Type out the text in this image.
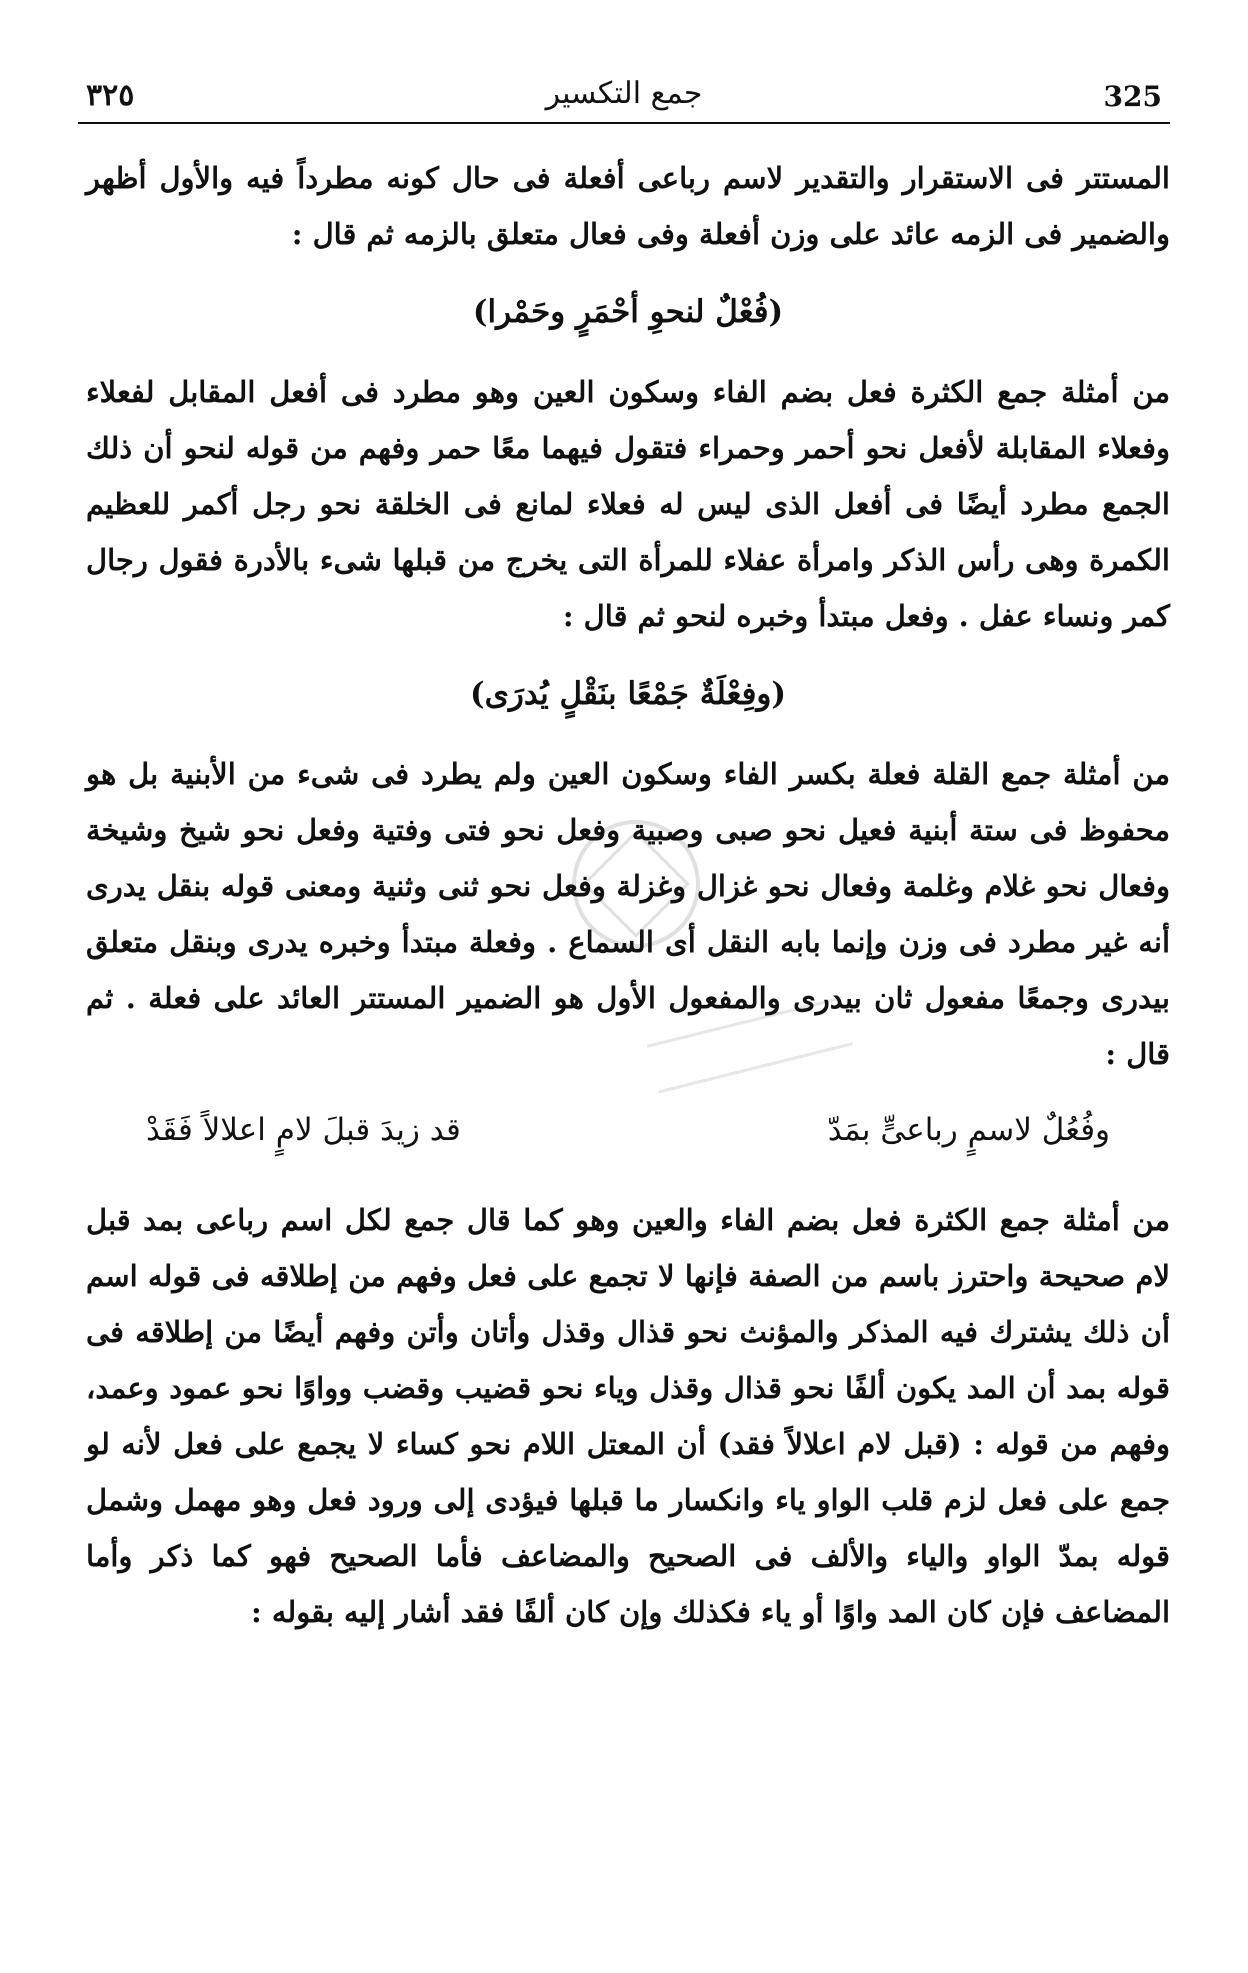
٣٢٥	جمع التكسير	325

المستتر فى الاستقرار والتقدير لاسم رباعى أفعلة فى حال كونه مطرداً فيه والأول أظهر والضمير فى الزمه عائد على وزن أفعلة وفى فعال متعلق بالزمه ثم قال :

(فُعْلٌ لنحوِ أحْمَرٍ وحَمْرا)

من أمثلة جمع الكثرة فعل بضم الفاء وسكون العين وهو مطرد فى أفعل المقابل لفعلاء وفعلاء المقابلة لأفعل نحو أحمر وحمراء فتقول فيهما معًا حمر وفهم من قوله لنحو أن ذلك الجمع مطرد أيضًا فى أفعل الذى ليس له فعلاء لمانع فى الخلقة نحو رجل أكمر للعظيم الكمرة وهى رأس الذكر وامرأة عفلاء للمرأة التى يخرج من قبلها شىء بالأدرة فقول رجال كمر ونساء عفل . وفعل مبتدأ وخبره لنحو ثم قال :

(وفِعْلَةٌ جَمْعًا بنَقْلٍ يُدرَى)

من أمثلة جمع القلة فعلة بكسر الفاء وسكون العين ولم يطرد فى شىء من الأبنية بل هو محفوظ فى ستة أبنية فعيل نحو صبى وصبية وفعل نحو فتى وفتية وفعل نحو شيخ وشيخة وفعال نحو غلام وغلمة وفعال نحو غزال وغزلة وفعل نحو ثنى وثنية ومعنى قوله بنقل يدرى أنه غير مطرد فى وزن وإنما بابه النقل أى السماع . وفعلة مبتدأ وخبره يدرى وبنقل متعلق بيدرى وجمعًا مفعول ثان بيدرى والمفعول الأول هو الضمير المستتر العائد على فعلة . ثم قال :

وفُعُلٌ لاسمٍ رباعىٍّ بمَدّ
قد زيدَ قبلَ لامٍ اعلالاً فَقَدْ

من أمثلة جمع الكثرة فعل بضم الفاء والعين وهو كما قال جمع لكل اسم رباعى بمد قبل لام صحيحة واحترز باسم من الصفة فإنها لا تجمع على فعل وفهم من إطلاقه فى قوله اسم أن ذلك يشترك فيه المذكر والمؤنث نحو قذال وقذل وأتان وأتن وفهم أيضًا من إطلاقه فى قوله بمد أن المد يكون ألفًا نحو قذال وقذل وياء نحو قضيب وقضب وواوًا نحو عمود وعمد، وفهم من قوله : (قبل لام اعلالاً فقد) أن المعتل اللام نحو كساء لا يجمع على فعل لأنه لو جمع على فعل لزم قلب الواو ياء وانكسار ما قبلها فيؤدى إلى ورود فعل وهو مهمل وشمل قوله بمدّ الواو والياء والألف فى الصحيح والمضاعف فأما الصحيح فهو كما ذكر وأما المضاعف فإن كان المد واوًا أو ياء فكذلك وإن كان ألفًا فقد أشار إليه بقوله :
